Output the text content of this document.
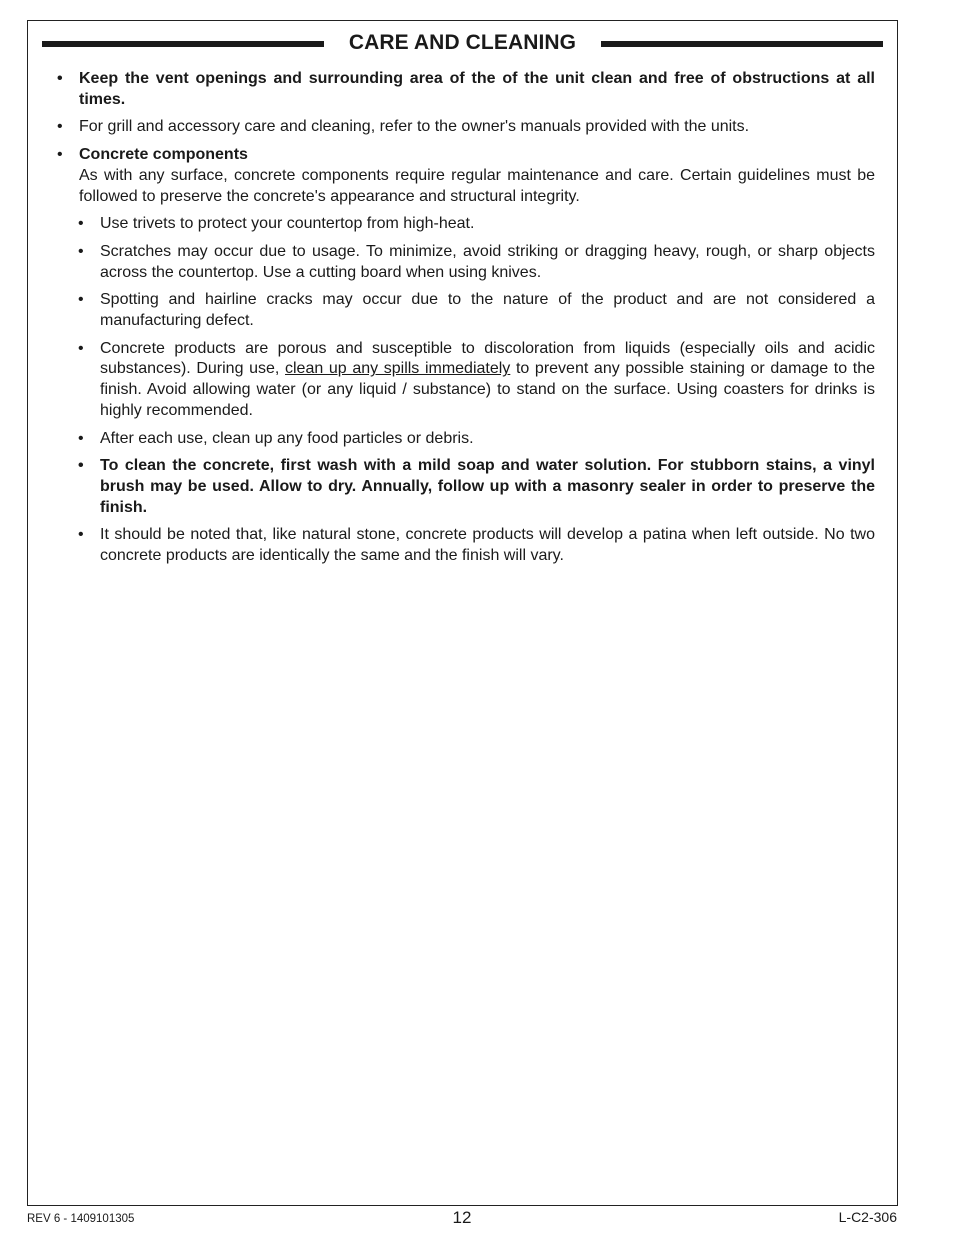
CARE AND CLEANING
• Keep the vent openings and surrounding area of the of the unit clean and free of obstructions at all times.
• For grill and accessory care and cleaning, refer to the owner's manuals provided with the units.
• Concrete components
As with any surface, concrete components require regular maintenance and care. Certain guidelines must be followed to preserve the concrete's appearance and structural integrity.
• Use trivets to protect your countertop from high-heat.
• Scratches may occur due to usage. To minimize, avoid striking or dragging heavy, rough, or sharp objects across the countertop. Use a cutting board when using knives.
• Spotting and hairline cracks may occur due to the nature of the product and are not considered a manufacturing defect.
• Concrete products are porous and susceptible to discoloration from liquids (especially oils and acidic substances). During use, clean up any spills immediately to prevent any possible staining or damage to the finish. Avoid allowing water (or any liquid / substance) to stand on the surface. Using coasters for drinks is highly recommended.
• After each use, clean up any food particles or debris.
• To clean the concrete, first wash with a mild soap and water solution. For stubborn stains, a vinyl brush may be used. Allow to dry. Annually, follow up with a masonry sealer in order to preserve the finish.
• It should be noted that, like natural stone, concrete products will develop a patina when left outside. No two concrete products are identically the same and the finish will vary.
REV 6 - 1409101305	12	L-C2-306
